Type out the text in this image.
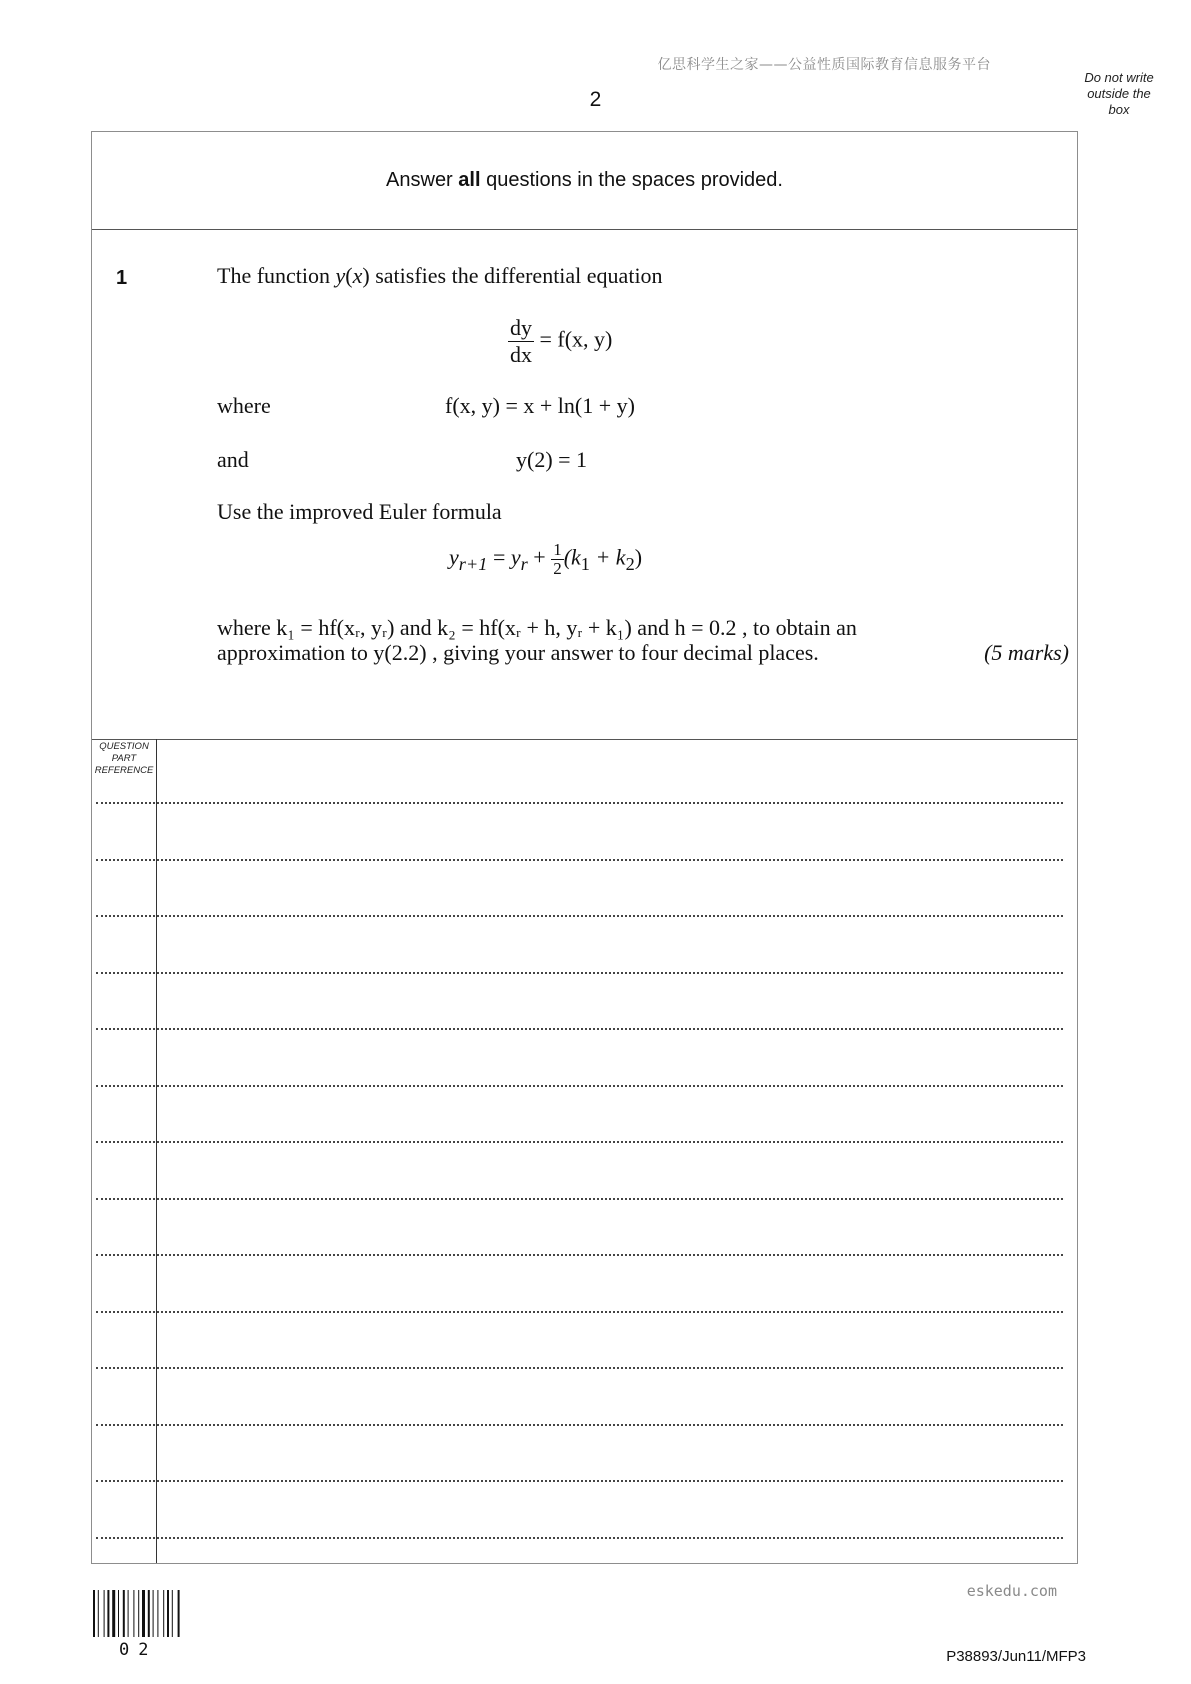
亿思科学生之家——公益性质国际教育信息服务平台
2
Do not write
outside the
box
Answer all questions in the spaces provided.
1	The function y(x) satisfies the differential equation
$\frac{dy}{dx} = f(x$, y)
where	f(x, y) = x + ln(1 + y)
and	y(2) = 1
Use the improved Euler formula
$y_{r+1} = y_r + \frac{1}{2} (k_1 + k_2)$
where k₁ = hf(xᵣ, yᵣ) and k₂ = hf(xᵣ + h, yᵣ + k₁) and h = 0.2 , to obtain an
approximation to y(2.2) , giving your answer to four decimal places.	(5 marks)
QUESTION
PART
REFERENCE
eskedu.com
02	P38893/Jun11/MFP3
